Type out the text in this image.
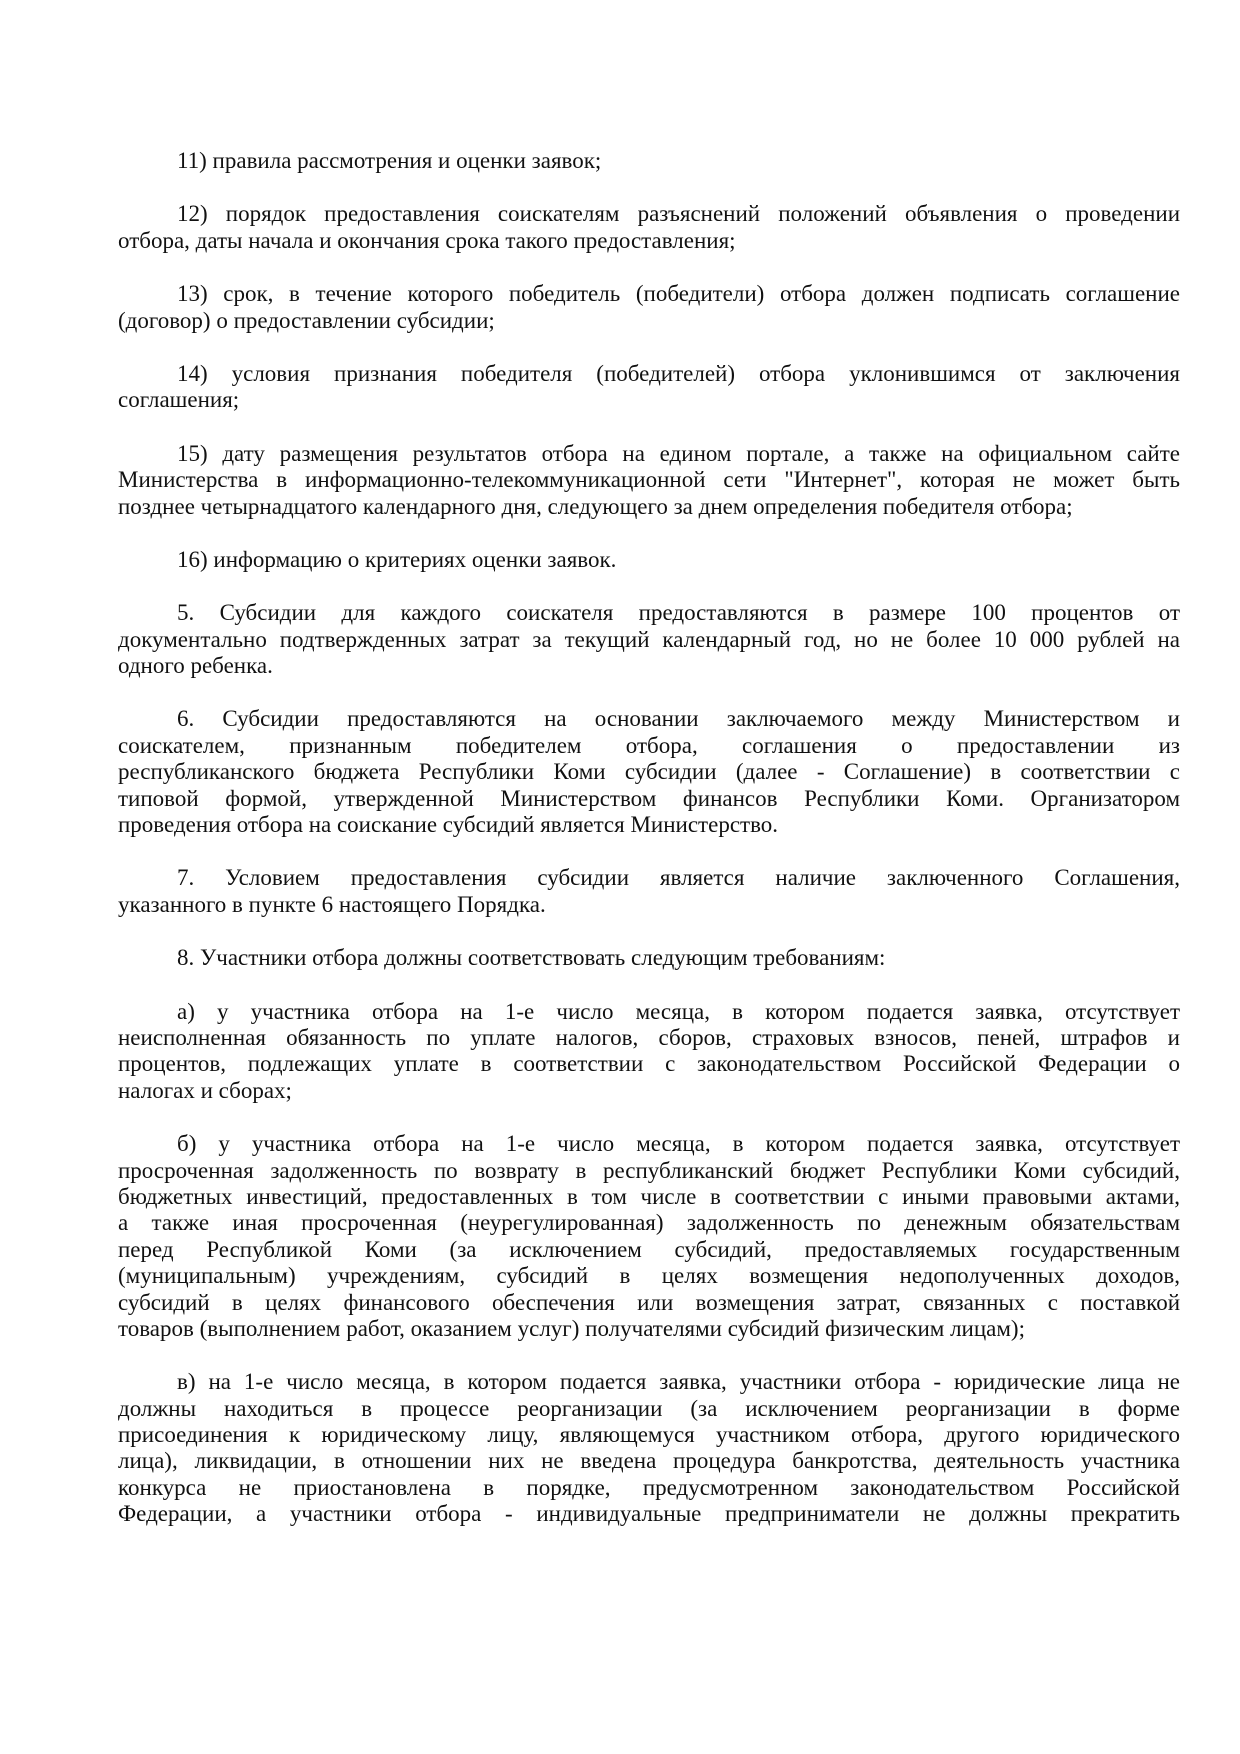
11) правила рассмотрения и оценки заявок;
12) порядок предоставления соискателям разъяснений положений объявления о проведении
отбора, даты начала и окончания срока такого предоставления;
13) срок, в течение которого победитель (победители) отбора должен подписать соглашение
(договор) о предоставлении субсидии;
14) условия признания победителя (победителей) отбора уклонившимся от заключения
соглашения;
15) дату размещения результатов отбора на едином портале, а также на официальном сайте
Министерства в информационно-телекоммуникационной сети "Интернет", которая не может быть
позднее четырнадцатого календарного дня, следующего за днем определения победителя отбора;
16) информацию о критериях оценки заявок.
5. Субсидии для каждого соискателя предоставляются в размере 100 процентов от
документально подтвержденных затрат за текущий календарный год, но не более 10 000 рублей на
одного ребенка.
6. Субсидии предоставляются на основании заключаемого между Министерством и
соискателем, признанным победителем отбора, соглашения о предоставлении из
республиканского бюджета Республики Коми субсидии (далее - Соглашение) в соответствии с
типовой формой, утвержденной Министерством финансов Республики Коми. Организатором
проведения отбора на соискание субсидий является Министерство.
7. Условием предоставления субсидии является наличие заключенного Соглашения,
указанного в пункте 6 настоящего Порядка.
8. Участники отбора должны соответствовать следующим требованиям:
а) у участника отбора на 1-е число месяца, в котором подается заявка, отсутствует
неисполненная обязанность по уплате налогов, сборов, страховых взносов, пеней, штрафов и
процентов, подлежащих уплате в соответствии с законодательством Российской Федерации о
налогах и сборах;
б) у участника отбора на 1-е число месяца, в котором подается заявка, отсутствует
просроченная задолженность по возврату в республиканский бюджет Республики Коми субсидий,
бюджетных инвестиций, предоставленных в том числе в соответствии с иными правовыми актами,
а также иная просроченная (неурегулированная) задолженность по денежным обязательствам
перед Республикой Коми (за исключением субсидий, предоставляемых государственным
(муниципальным) учреждениям, субсидий в целях возмещения недополученных доходов,
субсидий в целях финансового обеспечения или возмещения затрат, связанных с поставкой
товаров (выполнением работ, оказанием услуг) получателями субсидий физическим лицам);
в) на 1-е число месяца, в котором подается заявка, участники отбора - юридические лица не
должны находиться в процессе реорганизации (за исключением реорганизации в форме
присоединения к юридическому лицу, являющемуся участником отбора, другого юридического
лица), ликвидации, в отношении них не введена процедура банкротства, деятельность участника
конкурса не приостановлена в порядке, предусмотренном законодательством Российской
Федерации, а участники отбора - индивидуальные предприниматели не должны прекратить
